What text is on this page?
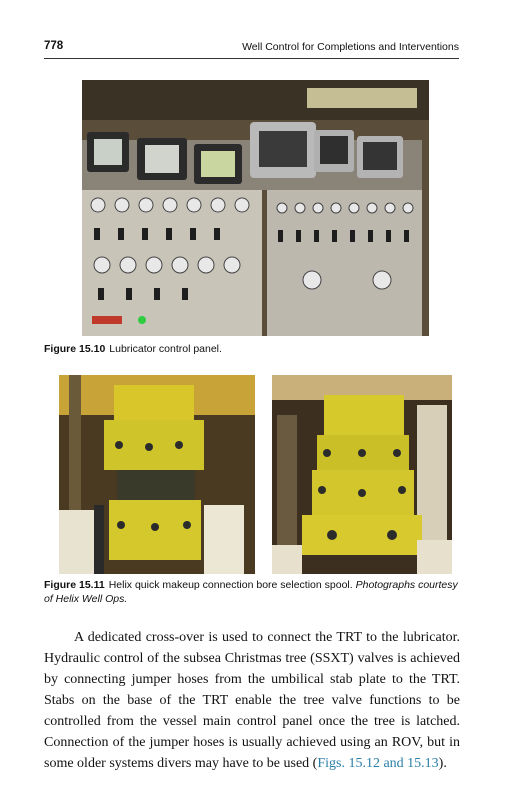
778	Well Control for Completions and Interventions
Figure 15.10 Lubricator control panel.
Figure 15.11 Helix quick makeup connection bore selection spool. Photographs courtesy of Helix Well Ops.
A dedicated cross-over is used to connect the TRT to the lubricator. Hydraulic control of the subsea Christmas tree (SSXT) valves is achieved by connecting jumper hoses from the umbilical stab plate to the TRT. Stabs on the base of the TRT enable the tree valve functions to be controlled from the vessel main control panel once the tree is latched. Connection of the jumper hoses is usually achieved using an ROV, but in some older systems divers may have to be used (Figs. 15.12 and 15.13).
